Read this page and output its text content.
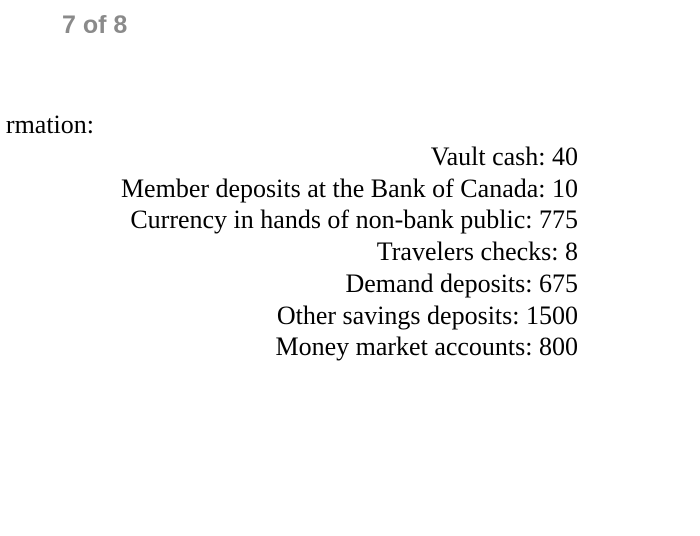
7 of 8

rmation:

Vault cash: 40
Member deposits at the Bank of Canada: 10
Currency in hands of non-bank public: 775
Travelers checks: 8
Demand deposits: 675
Other savings deposits: 1500
Money market accounts: 800
